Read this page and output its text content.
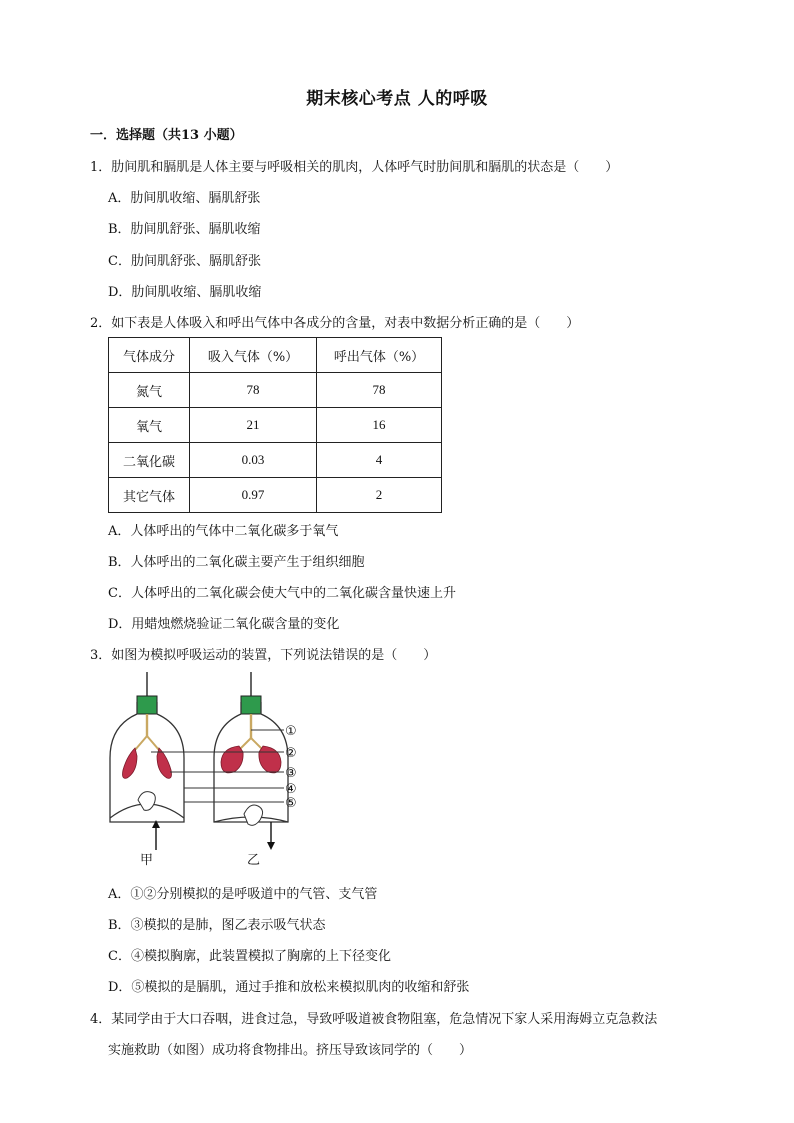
期末核心考点 人的呼吸
一．选择题（共13 小题）
1．肋间肌和膈肌是人体主要与呼吸相关的肌肉，人体呼气时肋间肌和膈肌的状态是（　　）
A．肋间肌收缩、膈肌舒张
B．肋间肌舒张、膈肌收缩
C．肋间肌舒张、膈肌舒张
D．肋间肌收缩、膈肌收缩
2．如下表是人体吸入和呼出气体中各成分的含量，对表中数据分析正确的是（　　）
气体成分	吸入气体（%）	呼出气体（%）
氮气	78	78
氧气	21	16
二氧化碳	0.03	4
其它气体	0.97	2
A．人体呼出的气体中二氧化碳多于氧气
B．人体呼出的二氧化碳主要产生于组织细胞
C．人体呼出的二氧化碳会使大气中的二氧化碳含量快速上升
D．用蜡烛燃烧验证二氧化碳含量的变化
3．如图为模拟呼吸运动的装置，下列说法错误的是（　　）
①
②
③
④
⑤
甲	乙
A．①②分别模拟的是呼吸道中的气管、支气管
B．③模拟的是肺，图乙表示吸气状态
C．④模拟胸廓，此装置模拟了胸廓的上下径变化
D．⑤模拟的是膈肌，通过手推和放松来模拟肌肉的收缩和舒张
4．某同学由于大口吞咽，进食过急，导致呼吸道被食物阻塞，危急情况下家人采用海姆立克急救法
实施救助（如图）成功将食物排出。挤压导致该同学的（　　）
